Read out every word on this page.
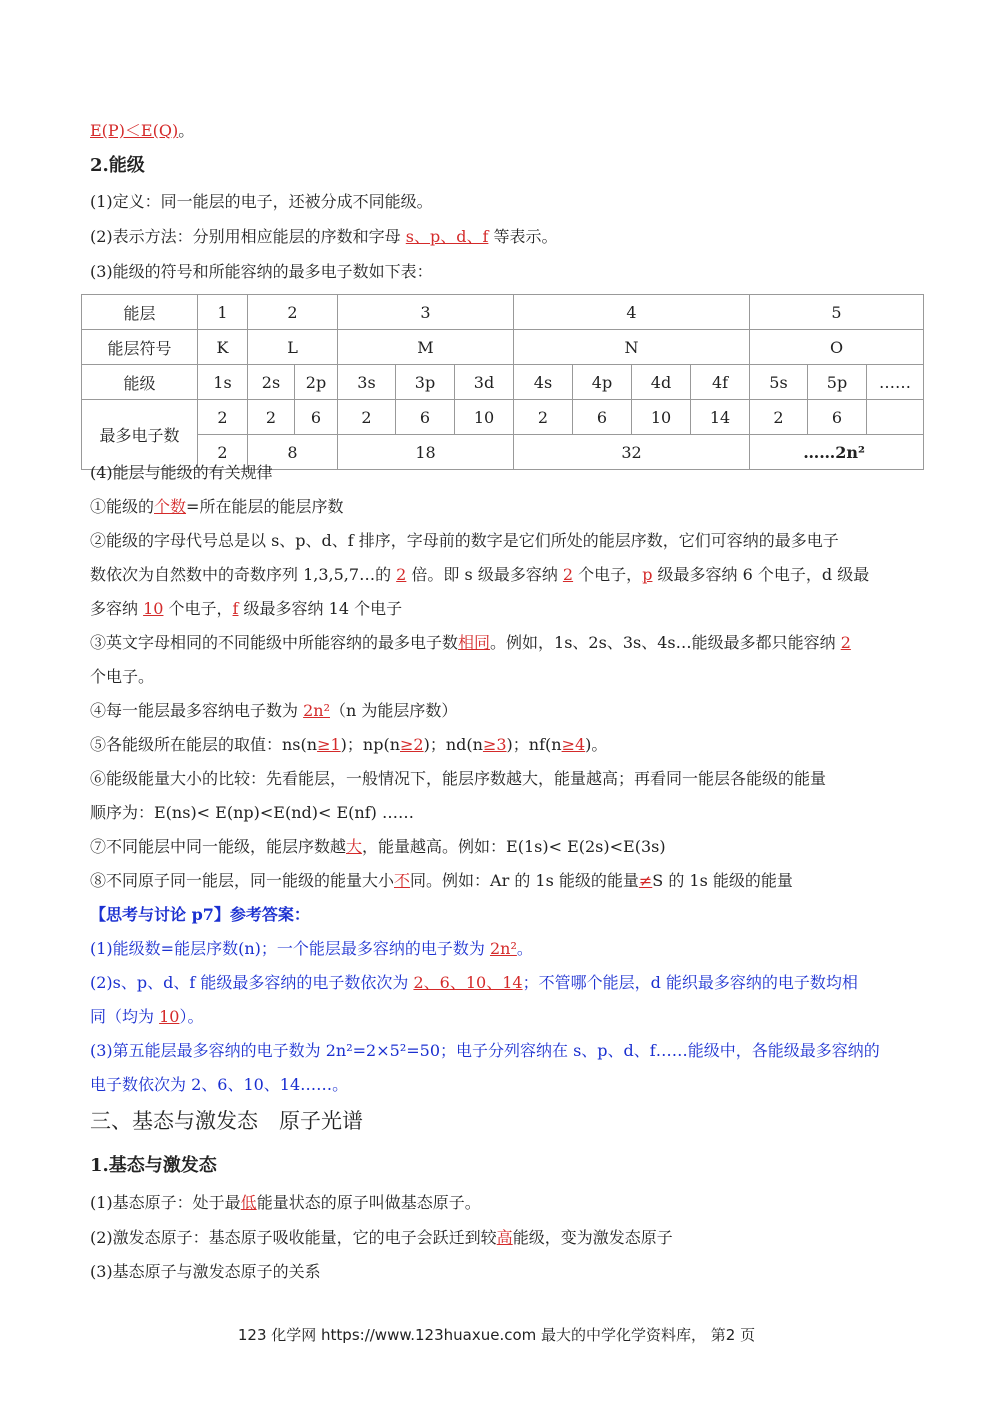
E(P)＜E(Q)。
2.能级
(1)定义：同一能层的电子，还被分成不同能级。
(2)表示方法：分别用相应能层的序数和字母 s、p、d、f 等表示。
(3)能级的符号和所能容纳的最多电子数如下表：
能层	1	2		3			4				5		
能层符号	K	L		M			N				O		
能级	1s	2s	2p	3s	3p	3d	4s	4p	4d	4f	5s	5p	……
最多电子数	2	2	6	2	6	10	2	6	10	14	2	6	
	2	8		18			32				……2n²		
(4)能层与能级的有关规律
①能级的个数=所在能层的能层序数
②能级的字母代号总是以 s、p、d、f 排序，字母前的数字是它们所处的能层序数，它们可容纳的最多电子
数依次为自然数中的奇数序列 1,3,5,7…的 2 倍。即 s 级最多容纳 2 个电子，p 级最多容纳 6 个电子，d 级最
多容纳 10 个电子，f 级最多容纳 14 个电子
③英文字母相同的不同能级中所能容纳的最多电子数相同。例如，1s、2s、3s、4s…能级最多都只能容纳 2
个电子。
④每一能层最多容纳电子数为 2n²（n 为能层序数）
⑤各能级所在能层的取值：ns(n≥1)；np(n≥2)；nd(n≥3)；nf(n≥4)。
⑥能级能量大小的比较：先看能层，一般情况下，能层序数越大，能量越高；再看同一能层各能级的能量
顺序为：E(ns)< E(np)<E(nd)< E(nf) ……
⑦不同能层中同一能级，能层序数越大，能量越高。例如：E(1s)< E(2s)<E(3s)
⑧不同原子同一能层，同一能级的能量大小不同。例如：Ar 的 1s 能级的能量≠S 的 1s 能级的能量
【思考与讨论 p7】参考答案：
(1)能级数=能层序数(n)；一个能层最多容纳的电子数为 2n²。
(2)s、p、d、f 能级最多容纳的电子数依次为 2、6、10、14；不管哪个能层，d 能织最多容纳的电子数均相
同（均为 10）。
(3)第五能层最多容纳的电子数为 2n²=2×5²=50；电子分列容纳在 s、p、d、f……能级中，各能级最多容纳的
电子数依次为 2、6、10、14……。
三、基态与激发态　原子光谱
1.基态与激发态
(1)基态原子：处于最低能量状态的原子叫做基态原子。
(2)激发态原子：基态原子吸收能量，它的电子会跃迁到较高能级，变为激发态原子
(3)基态原子与激发态原子的关系
123 化学网 https://www.123huaxue.com 最大的中学化学资料库， 第2 页
